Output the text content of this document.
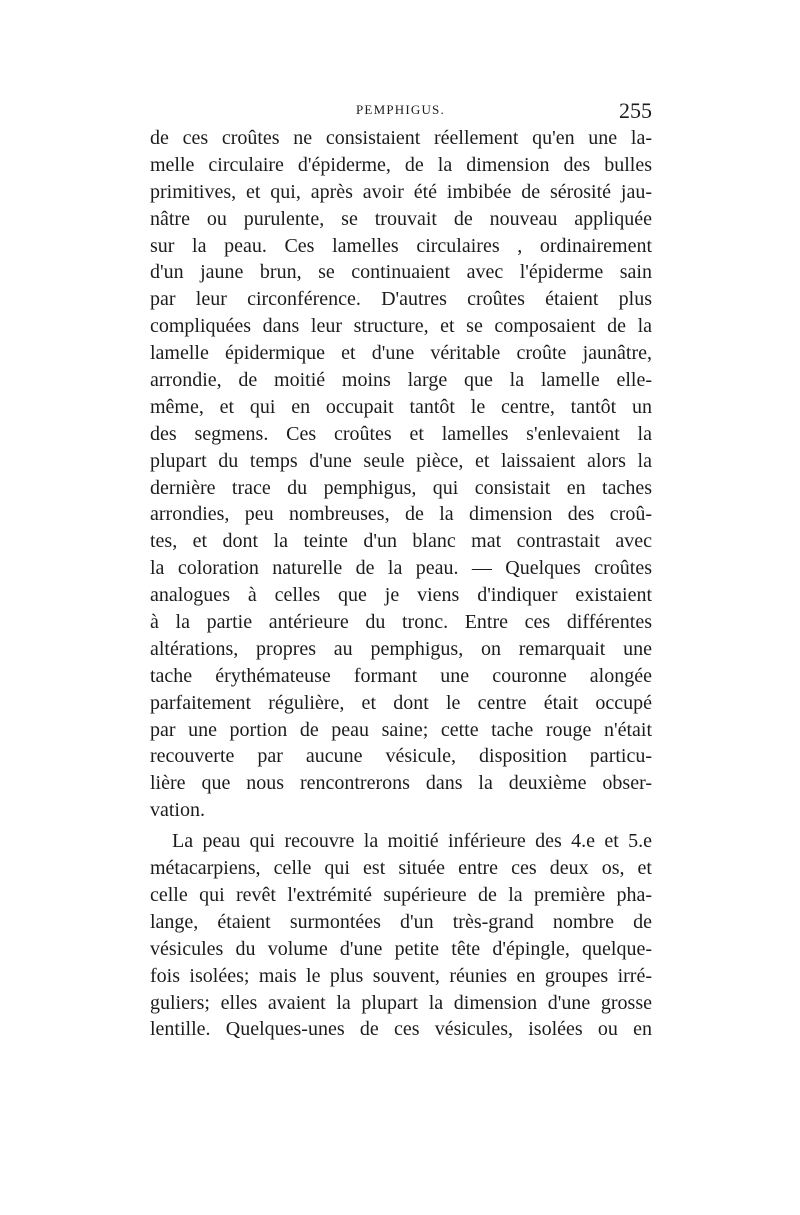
PEMPHIGUS.	255
de ces croûtes ne consistaient réellement qu'en une la-
melle circulaire d'épiderme, de la dimension des bulles
primitives, et qui, après avoir été imbibée de sérosité jau-
nâtre ou purulente, se trouvait de nouveau appliquée
sur la peau. Ces lamelles circulaires , ordinairement
d'un jaune brun, se continuaient avec l'épiderme sain
par leur circonférence. D'autres croûtes étaient plus
compliquées dans leur structure, et se composaient de la
lamelle épidermique et d'une véritable croûte jaunâtre,
arrondie, de moitié moins large que la lamelle elle-
même, et qui en occupait tantôt le centre, tantôt un
des segmens. Ces croûtes et lamelles s'enlevaient la
plupart du temps d'une seule pièce, et laissaient alors la
dernière trace du pemphigus, qui consistait en taches
arrondies, peu nombreuses, de la dimension des croû-
tes, et dont la teinte d'un blanc mat contrastait avec
la coloration naturelle de la peau. — Quelques croûtes
analogues à celles que je viens d'indiquer existaient
à la partie antérieure du tronc. Entre ces différentes
altérations, propres au pemphigus, on remarquait une
tache érythémateuse formant une couronne alongée
parfaitement régulière, et dont le centre était occupé
par une portion de peau saine; cette tache rouge n'était
recouverte par aucune vésicule, disposition particu-
lière que nous rencontrerons dans la deuxième obser-
vation.
La peau qui recouvre la moitié inférieure des 4.e et 5.e
métacarpiens, celle qui est située entre ces deux os, et
celle qui revêt l'extrémité supérieure de la première pha-
lange, étaient surmontées d'un très-grand nombre de
vésicules du volume d'une petite tête d'épingle, quelque-
fois isolées; mais le plus souvent, réunies en groupes irré-
guliers; elles avaient la plupart la dimension d'une grosse
lentille. Quelques-unes de ces vésicules, isolées ou en
